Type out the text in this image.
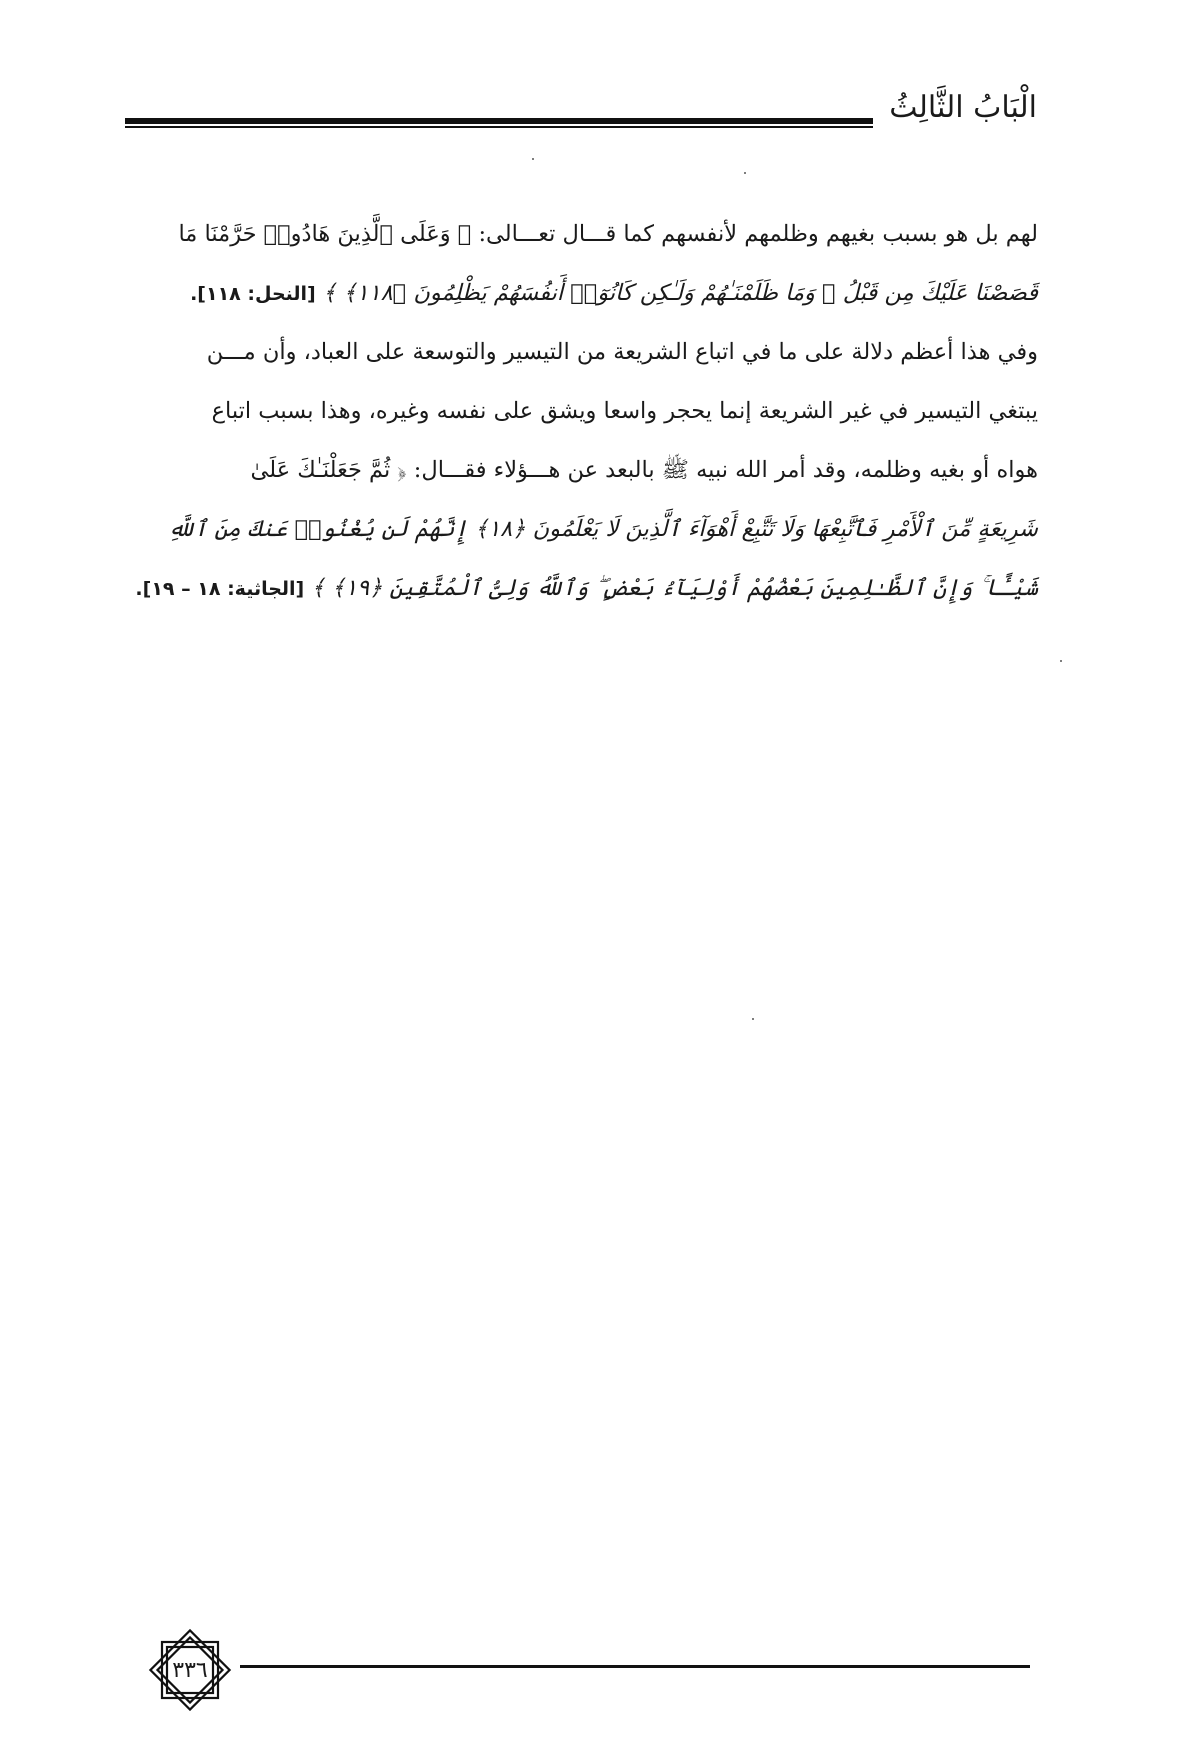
الْبَابُ الثَّالِثُ
لهم بل هو بسبب بغيهم وظلمهم لأنفسهم كما قـــال تعـــالى: ﴿ وَعَلَى ٱلَّذِينَ هَادُوا۟ حَرَّمْنَا مَا
قَصَصْنَا عَلَيْكَ مِن قَبْلُ ۖ وَمَا ظَلَمْنَـٰهُمْ وَلَـٰكِن كَانُوٓا۟ أَنفُسَهُمْ يَظْلِمُونَ ﴿١١٨﴾ ﴾ [النحل: ١١٨].
وفي هذا أعظم دلالة على ما في اتباع الشريعة من التيسير والتوسعة على العباد، وأن مـــن
يبتغي التيسير في غير الشريعة إنما يحجر واسعا ويشق على نفسه وغيره، وهذا بسبب اتباع
هواه أو بغيه وظلمه، وقد أمر الله نبيه ﷺ بالبعد عن هـــؤلاء فقـــال: ﴿ ثُمَّ جَعَلْنَـٰكَ عَلَىٰ
شَرِيعَةٍ مِّنَ ٱلْأَمْرِ فَٱتَّبِعْهَا وَلَا تَتَّبِعْ أَهْوَآءَ ٱلَّذِينَ لَا يَعْلَمُونَ ﴿١٨﴾ إِنَّهُمْ لَن يُغْنُوا۟ عَنكَ مِنَ ٱللَّهِ
شَيْـًٔا ۚ وَإِنَّ ٱلظَّـٰلِمِينَ بَعْضُهُمْ أَوْلِيَآءُ بَعْضٍ ۖ وَٱللَّهُ وَلِىُّ ٱلْمُتَّقِينَ ﴿١٩﴾ ﴾ [الجاثية: ١٨ – ١٩].
٣٣٦
